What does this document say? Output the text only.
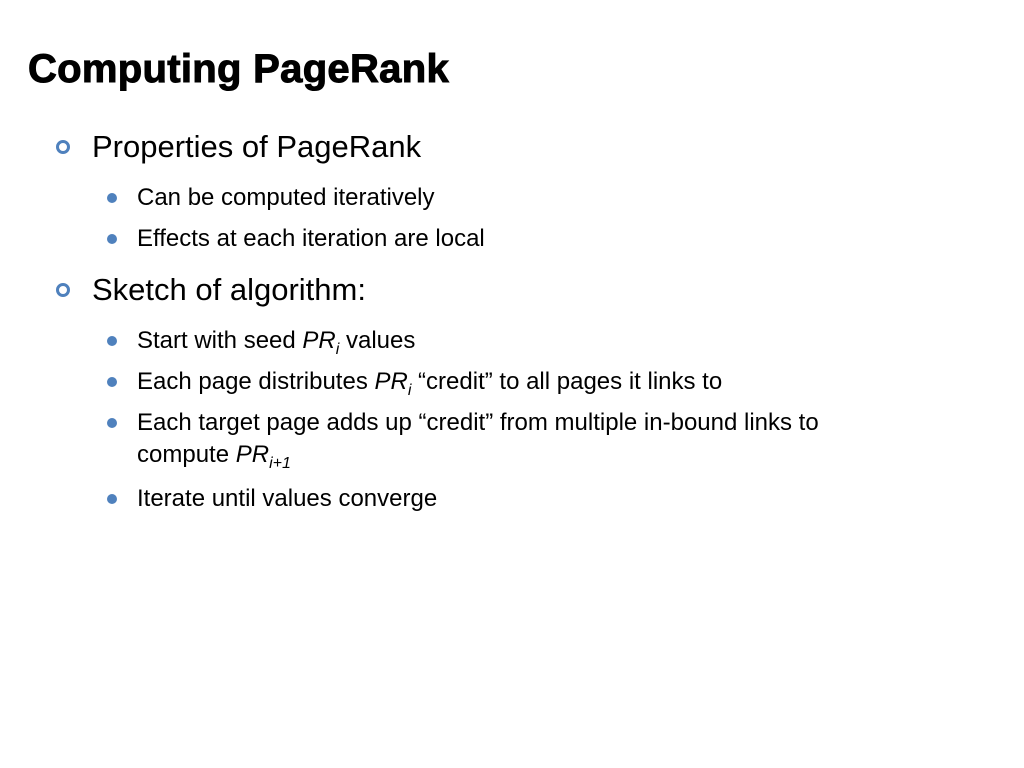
Computing PageRank
Properties of PageRank
Can be computed iteratively
Effects at each iteration are local
Sketch of algorithm:
Start with seed $PR_i$ values
Each page distributes $PR_i$ “credit” to all pages it links to
Each target page adds up “credit” from multiple in-bound links to
compute $PR_{i+1}$
Iterate until values converge
